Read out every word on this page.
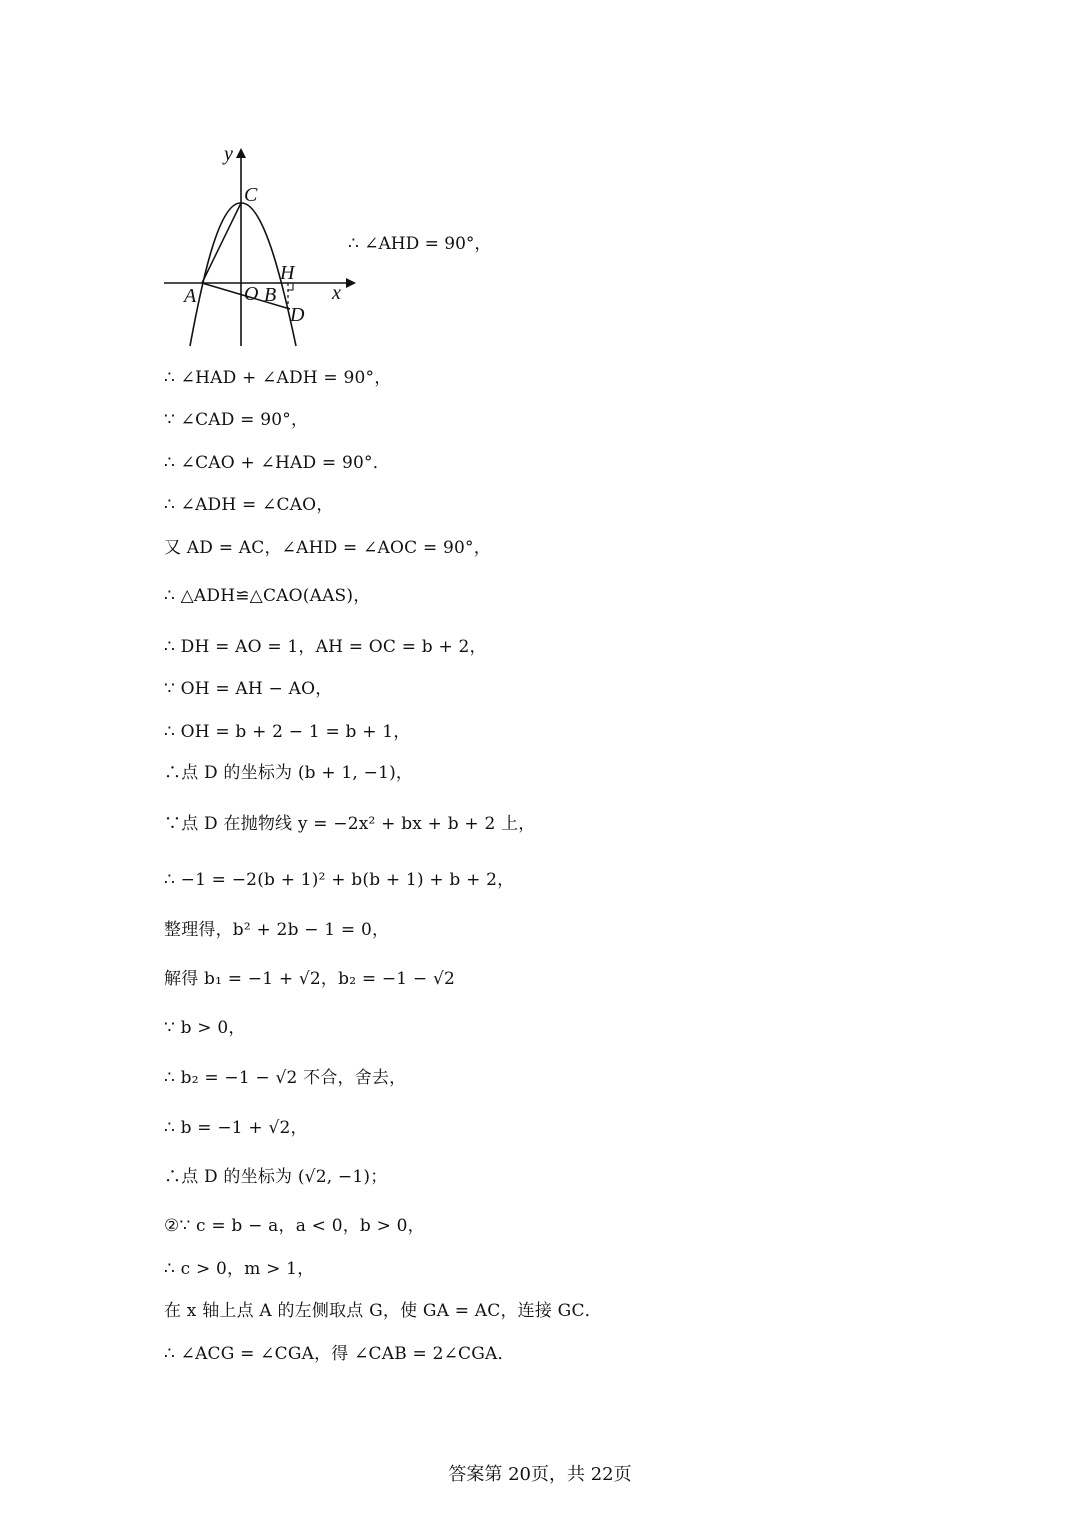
y
x
C
H
A O B
D
∴ ∠AHD = 90°，
∴ ∠HAD + ∠ADH = 90°，
∵ ∠CAD = 90°，
∴ ∠CAO + ∠HAD = 90°．
∴ ∠ADH = ∠CAO，
又 AD = AC，∠AHD = ∠AOC = 90°，
∴ △ADH≌△CAO(AAS)，
∴ DH = AO = 1，AH = OC = b + 2，
∵ OH = AH − AO，
∴ OH = b + 2 − 1 = b + 1，
∴点 D 的坐标为 (b + 1, −1)，
∵点 D 在抛物线 y = −2x² + bx + b + 2 上，
∴ −1 = −2(b + 1)² + b(b + 1) + b + 2，
整理得，b² + 2b − 1 = 0，
解得 b₁ = −1 + √2，b₂ = −1 − √2
∵ b > 0，
∴ b₂ = −1 − √2 不合，舍去，
∴ b = −1 + √2，
∴点 D 的坐标为 (√2, −1)；
②∵ c = b − a，a < 0，b > 0，
∴ c > 0，m > 1，
在 x 轴上点 A 的左侧取点 G，使 GA = AC，连接 GC．
∴ ∠ACG = ∠CGA，得 ∠CAB = 2∠CGA．
答案第 20页，共 22页
